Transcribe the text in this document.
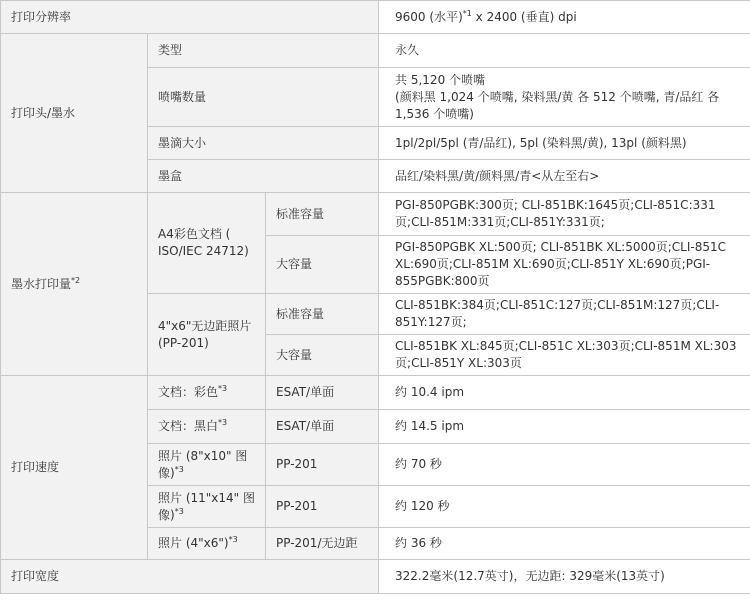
打印分辨率			9600 (水平)$^{*1}$ x 2400 (垂直) dpi
打印头/墨水	类型		永久
	喷嘴数量		共 5,120 个喷嘴
(颜料黑 1,024 个喷嘴, 染料黑/黄 各 512 个喷嘴, 青/品红 各 1,536 个喷嘴)

	墨滴大小		1pl/2pl/5pl (青/品红), 5pl (染料黑/黄), 13pl (颜料黑)
	墨盒		品红/染料黑/黄/颜料黑/青<从左至右>
墨水打印量$^{*2}$	A4彩色文档 ( ISO/IEC 24712)	标准容量	PGI-850PGBK:300页; CLI-851BK:1645页;CLI-851C:331页;CLI-851M:331页;CLI-851Y:331页;
		大容量	PGI-850PGBK XL:500页; CLI-851BK XL:5000页;CLI-851C XL:690页;CLI-851M XL:690页;CLI-851Y XL:690页;PGI-855PGBK:800页
	4"x6"无边距照片 (PP-201)	标准容量	CLI-851BK:384页;CLI-851C:127页;CLI-851M:127页;CLI-851Y:127页;
		大容量	CLI-851BK XL:845页;CLI-851C XL:303页;CLI-851M XL:303页;CLI-851Y XL:303页
打印速度	文档：彩色$^{*3}$	ESAT/单面	约 10.4 ipm
	文档：黑白$^{*3}$	ESAT/单面	约 14.5 ipm
	照片 (8"x10" 图像)$^{*3}$	PP-201	约 70 秒
	照片 (11"x14" 图像)$^{*3}$	PP-201	约 120 秒
	照片 (4"x6")$^{*3}$	PP-201/无边距	约 36 秒
打印宽度			322.2毫米(12.7英寸)，无边距: 329毫米(13英寸)
